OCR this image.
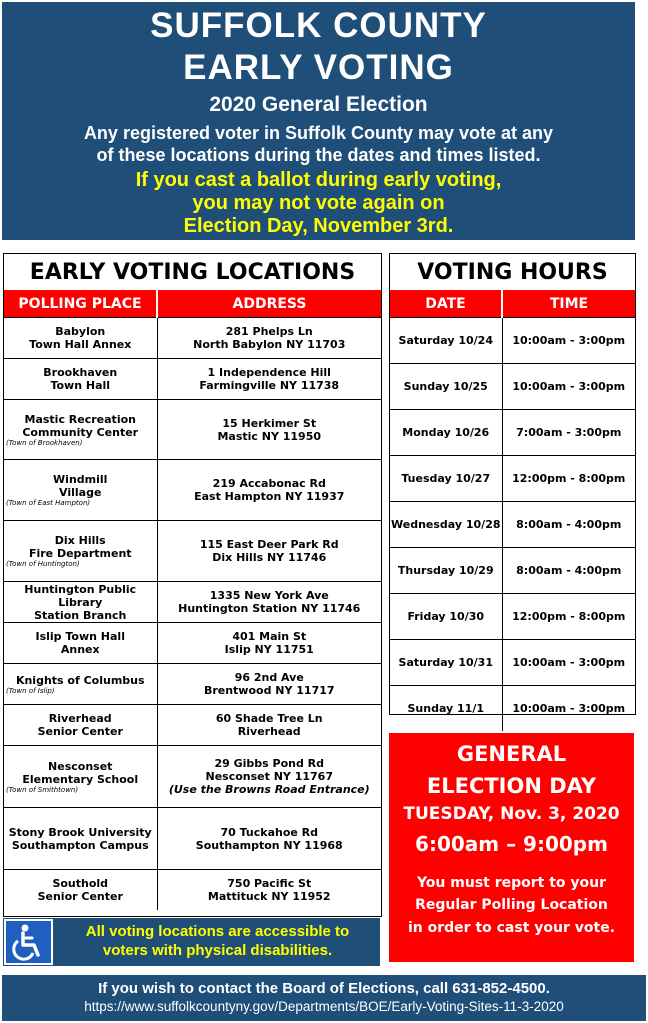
SUFFOLK COUNTY
EARLY VOTING
2020 General Election
Any registered voter in Suffolk County may vote at any
of these locations during the dates and times listed.
If you cast a ballot during early voting,
you may not vote again on
Election Day, November 3rd.
EARLY VOTING LOCATIONS
POLLING PLACE	ADDRESS

Babylon
Town Hall Annex	281 Phelps Ln
North Babylon NY 11703

Brookhaven
Town Hall	1 Independence Hill
Farmingville NY 11738

Mastic Recreation
Community Center
(Town of Brookhaven)	15 Herkimer St
Mastic NY 11950

Windmill
Village
(Town of East Hampton)	219 Accabonac Rd
East Hampton NY 11937

Dix Hills
Fire Department
(Town of Huntington)	115 East Deer Park Rd
Dix Hills NY 11746

Huntington Public Library
Station Branch	1335 New York Ave
Huntington Station NY 11746

Islip Town Hall
Annex	401 Main St
Islip NY 11751

Knights of Columbus
(Town of Islip)	96 2nd Ave
Brentwood NY 11717

Riverhead
Senior Center	60 Shade Tree Ln
Riverhead

Nesconset
Elementary School
(Town of Smithtown)	29 Gibbs Pond Rd
Nesconset NY 11767
(Use the Browns Road Entrance)

Stony Brook University
Southampton Campus	70 Tuckahoe Rd
Southampton NY 11968

Southold
Senior Center	750 Pacific St
Mattituck NY 11952
VOTING HOURS
DATE	TIME
Saturday 10/24	10:00am - 3:00pm
Sunday 10/25	10:00am - 3:00pm
Monday 10/26	7:00am - 3:00pm
Tuesday 10/27	12:00pm - 8:00pm
Wednesday 10/28	8:00am - 4:00pm
Thursday 10/29	8:00am - 4:00pm
Friday 10/30	12:00pm - 8:00pm
Saturday 10/31	10:00am - 3:00pm
Sunday 11/1	10:00am - 3:00pm
GENERAL
ELECTION DAY
TUESDAY, Nov. 3, 2020
6:00am – 9:00pm
You must report to your
Regular Polling Location
in order to cast your vote.
All voting locations are accessible to
voters with physical disabilities.
If you wish to contact the Board of Elections, call 631-852-4500.
https://www.suffolkcountyny.gov/Departments/BOE/Early-Voting-Sites-11-3-2020
